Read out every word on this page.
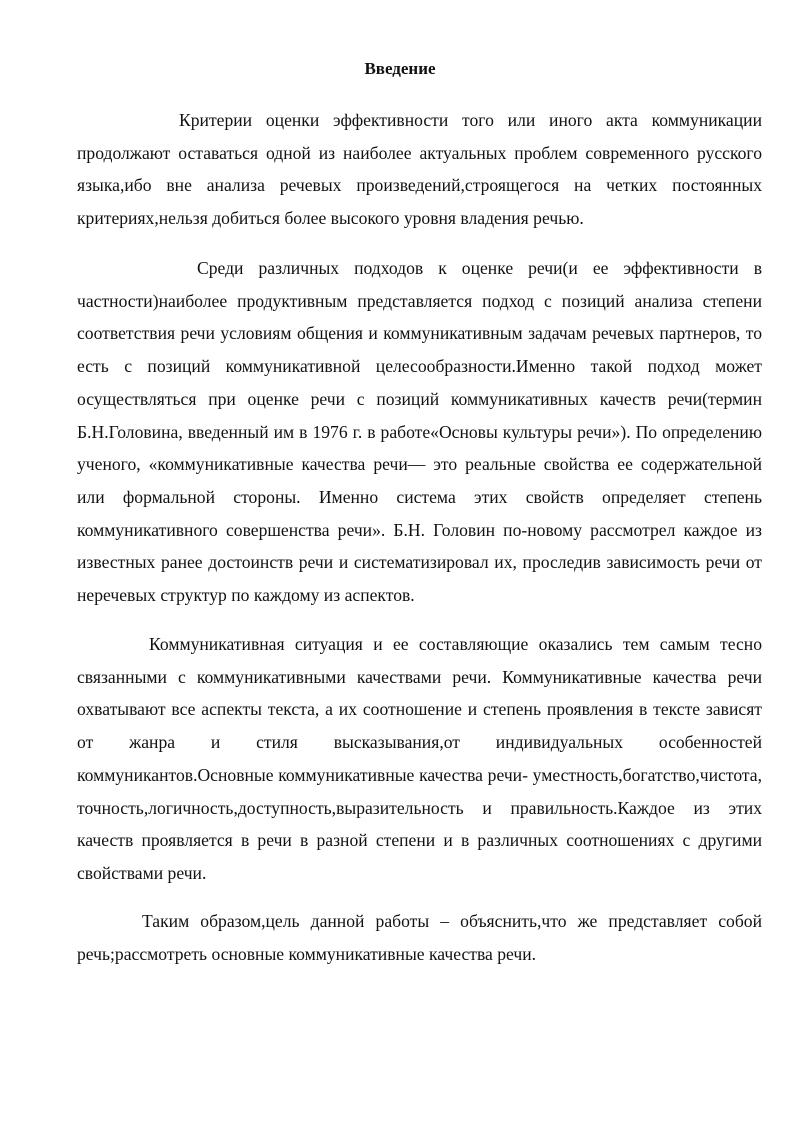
Введение

Критерии оценки эффективности того или иного акта коммуникации продолжают оставаться одной из наиболее актуальных проблем современного русского языка,ибо вне анализа речевых произведений,строящегося на четких постоянных критериях,нельзя добиться более высокого уровня владения речью.

Среди различных подходов к оценке речи(и ее эффективности в частности)наиболее продуктивным представляется подход с позиций анализа степени соответствия речи условиям общения и коммуникативным задачам речевых партнеров, то есть с позиций коммуникативной целесообразности.Именно такой подход может осуществляться при оценке речи с позиций коммуникативных качеств речи(термин Б.Н.Головина, введенный им в 1976 г. в работе«Основы культуры речи»). По определению ученого, «коммуникативные качества речи— это реальные свойства ее содержательной или формальной стороны. Именно система этих свойств определяет степень коммуникативного совершенства речи». Б.Н. Головин по-новому рассмотрел каждое из известных ранее достоинств речи и систематизировал их, проследив зависимость речи от неречевых структур по каждому из аспектов.

Коммуникативная ситуация и ее составляющие оказались тем самым тесно связанными с коммуникативными качествами речи. Коммуникативные качества речи охватывают все аспекты текста, а их соотношение и степень проявления в тексте зависят от жанра и стиля высказывания,от индивидуальных особенностей коммуникантов.Основные коммуникативные качества речи- уместность,богатство,чистота, точность,логичность,доступность,выразительность и правильность.Каждое из этих качеств проявляется в речи в разной степени и в различных соотношениях с другими свойствами речи.

Таким образом,цель данной работы – объяснить,что же представляет собой речь;рассмотреть основные коммуникативные качества речи.
